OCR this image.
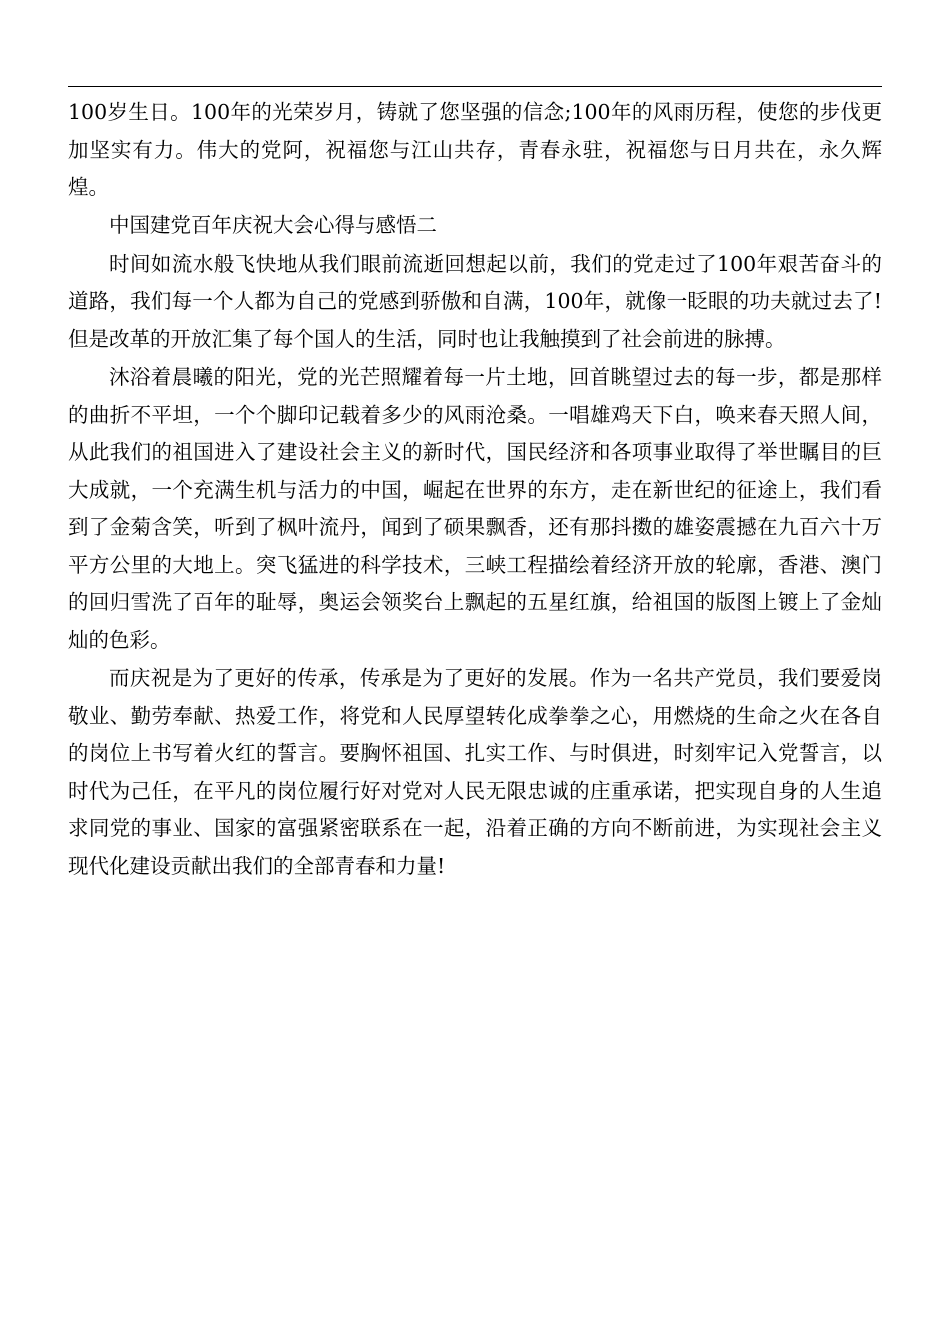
100岁生日。100年的光荣岁月，铸就了您坚强的信念;100年的风雨历程，使您的步伐更加坚实有力。伟大的党阿，祝福您与江山共存，青春永驻，祝福您与日月共在，永久辉煌。

中国建党百年庆祝大会心得与感悟二

时间如流水般飞快地从我们眼前流逝回想起以前，我们的党走过了100年艰苦奋斗的道路，我们每一个人都为自己的党感到骄傲和自满，100年，就像一眨眼的功夫就过去了!但是改革的开放汇集了每个国人的生活，同时也让我触摸到了社会前进的脉搏。

沐浴着晨曦的阳光，党的光芒照耀着每一片土地，回首眺望过去的每一步，都是那样的曲折不平坦，一个个脚印记载着多少的风雨沧桑。一唱雄鸡天下白，唤来春天照人间，从此我们的祖国进入了建设社会主义的新时代，国民经济和各项事业取得了举世瞩目的巨大成就，一个充满生机与活力的中国，崛起在世界的东方，走在新世纪的征途上，我们看到了金菊含笑，听到了枫叶流丹，闻到了硕果飘香，还有那抖擞的雄姿震撼在九百六十万平方公里的大地上。突飞猛进的科学技术，三峡工程描绘着经济开放的轮廓，香港、澳门的回归雪洗了百年的耻辱，奥运会领奖台上飘起的五星红旗，给祖国的版图上镀上了金灿灿的色彩。

而庆祝是为了更好的传承，传承是为了更好的发展。作为一名共产党员，我们要爱岗敬业、勤劳奉献、热爱工作，将党和人民厚望转化成拳拳之心，用燃烧的生命之火在各自的岗位上书写着火红的誓言。要胸怀祖国、扎实工作、与时俱进，时刻牢记入党誓言，以时代为己任，在平凡的岗位履行好对党对人民无限忠诚的庄重承诺，把实现自身的人生追求同党的事业、国家的富强紧密联系在一起，沿着正确的方向不断前进，为实现社会主义现代化建设贡献出我们的全部青春和力量!
